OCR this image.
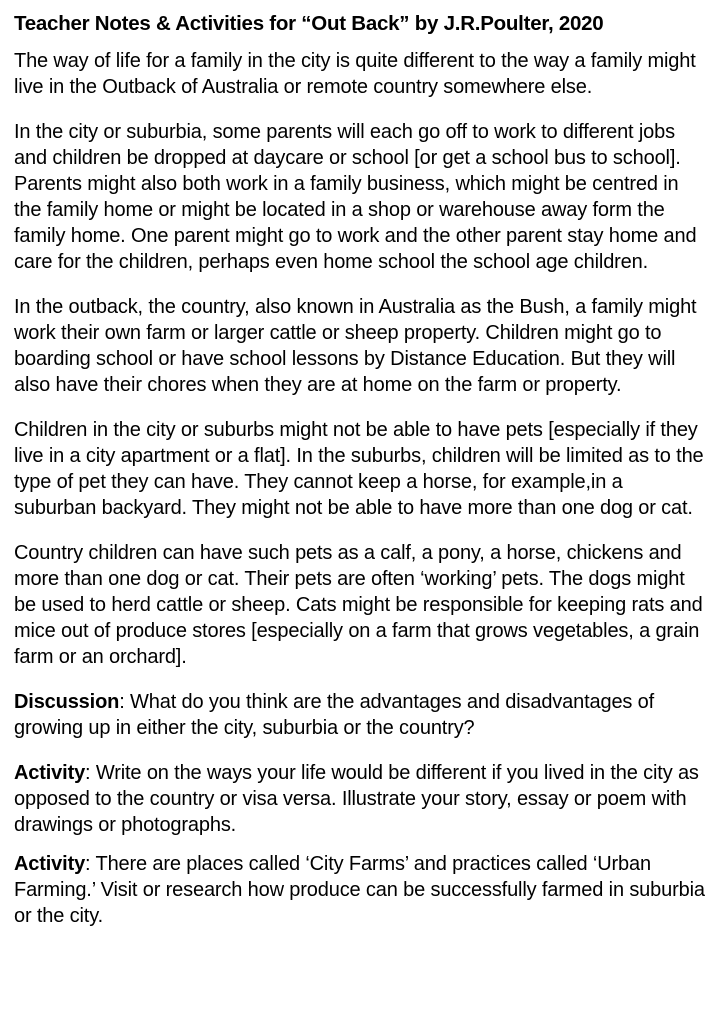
Teacher Notes & Activities for “Out Back” by J.R.Poulter, 2020

The way of life for a family in the city is quite different to the way a family might live in the Outback of Australia or remote country somewhere else.

In the city or suburbia, some parents will each go off to work to different jobs and children be dropped at daycare or school [or get a school bus to school]. Parents might also both work in a family business, which might be centred in the family home or might be located in a shop or warehouse away form the family home. One parent might go to work and the other parent stay home and care for the children, perhaps even home school the school age children.

In the outback, the country, also known in Australia as the Bush, a family might work their own farm or larger cattle or sheep property. Children might go to boarding school or have school lessons by Distance Education. But they will also have their chores when they are at home on the farm or property.

Children in the city or suburbs might not be able to have pets [especially if they live in a city apartment or a flat]. In the suburbs, children will be limited as to the type of pet they can have. They cannot keep a horse, for example,in a suburban backyard. They might not be able to have more than one dog or cat.

Country children can have such pets as a calf, a pony, a horse, chickens and more than one dog or cat. Their pets are often ‘working’ pets. The dogs might be used to herd cattle or sheep. Cats might be responsible for keeping rats and mice out of produce stores [especially on a farm that grows vegetables, a grain farm or an orchard].

Discussion: What do you think are the advantages and disadvantages of growing up in either the city, suburbia or the country?

Activity: Write on the ways your life would be different if you lived in the city as opposed to the country or visa versa. Illustrate your story, essay or poem with drawings or photographs.

Activity: There are places called ‘City Farms’ and practices called ‘Urban Farming.’ Visit or research how produce can be successfully farmed in suburbia or the city.
